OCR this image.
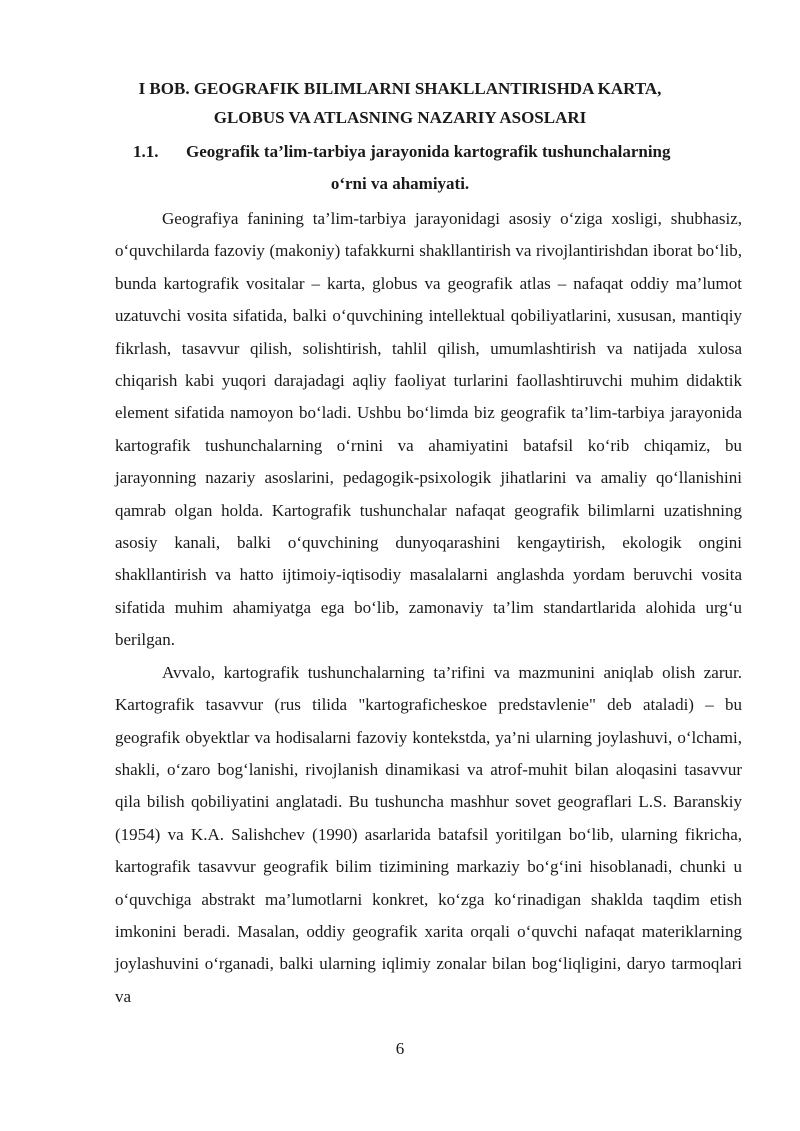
I BOB. GEOGRAFIK BILIMLARNI SHAKLLANTIRISHDA KARTA,
GLOBUS VA ATLASNING NAZARIY ASOSLARI
1.1. Geografik ta’lim-tarbiya jarayonida kartografik tushunchalarning
o‘rni va ahamiyati.

Geografiya fanining ta’lim-tarbiya jarayonidagi asosiy o‘ziga xosligi, shubhasiz, o‘quvchilarda fazoviy (makoniy) tafakkurni shakllantirish va rivojlantirishdan iborat bo‘lib, bunda kartografik vositalar – karta, globus va geografik atlas – nafaqat oddiy ma’lumot uzatuvchi vosita sifatida, balki o‘quvchining intellektual qobiliyatlarini, xususan, mantiqiy fikrlash, tasavvur qilish, solishtirish, tahlil qilish, umumlashtirish va natijada xulosa chiqarish kabi yuqori darajadagi aqliy faoliyat turlarini faollashtiruvchi muhim didaktik element sifatida namoyon bo‘ladi. Ushbu bo‘limda biz geografik ta’lim-tarbiya jarayonida kartografik tushunchalarning o‘rnini va ahamiyatini batafsil ko‘rib chiqamiz, bu jarayonning nazariy asoslarini, pedagogik-psixologik jihatlarini va amaliy qo‘llanishini qamrab olgan holda. Kartografik tushunchalar nafaqat geografik bilimlarni uzatishning asosiy kanali, balki o‘quvchining dunyoqarashini kengaytirish, ekologik ongini shakllantirish va hatto ijtimoiy-iqtisodiy masalalarni anglashda yordam beruvchi vosita sifatida muhim ahamiyatga ega bo‘lib, zamonaviy ta’lim standartlarida alohida urg‘u berilgan.

Avvalo, kartografik tushunchalarning ta’rifini va mazmunini aniqlab olish zarur. Kartografik tasavvur (rus tilida "kartograficheskoe predstavlenie" deb ataladi) – bu geografik obyektlar va hodisalarni fazoviy kontekstda, ya’ni ularning joylashuvi, o‘lchami, shakli, o‘zaro bog‘lanishi, rivojlanish dinamikasi va atrof-muhit bilan aloqasini tasavvur qila bilish qobiliyatini anglatadi. Bu tushuncha mashhur sovet geograflari L.S. Baranskiy (1954) va K.A. Salishchev (1990) asarlarida batafsil yoritilgan bo‘lib, ularning fikricha, kartografik tasavvur geografik bilim tizimining markaziy bo‘g‘ini hisoblanadi, chunki u o‘quvchiga abstrakt ma’lumotlarni konkret, ko‘zga ko‘rinadigan shaklda taqdim etish imkonini beradi. Masalan, oddiy geografik xarita orqali o‘quvchi nafaqat materiklarning joylashuvini o‘rganadi, balki ularning iqlimiy zonalar bilan bog‘liqligini, daryo tarmoqlari va

6
